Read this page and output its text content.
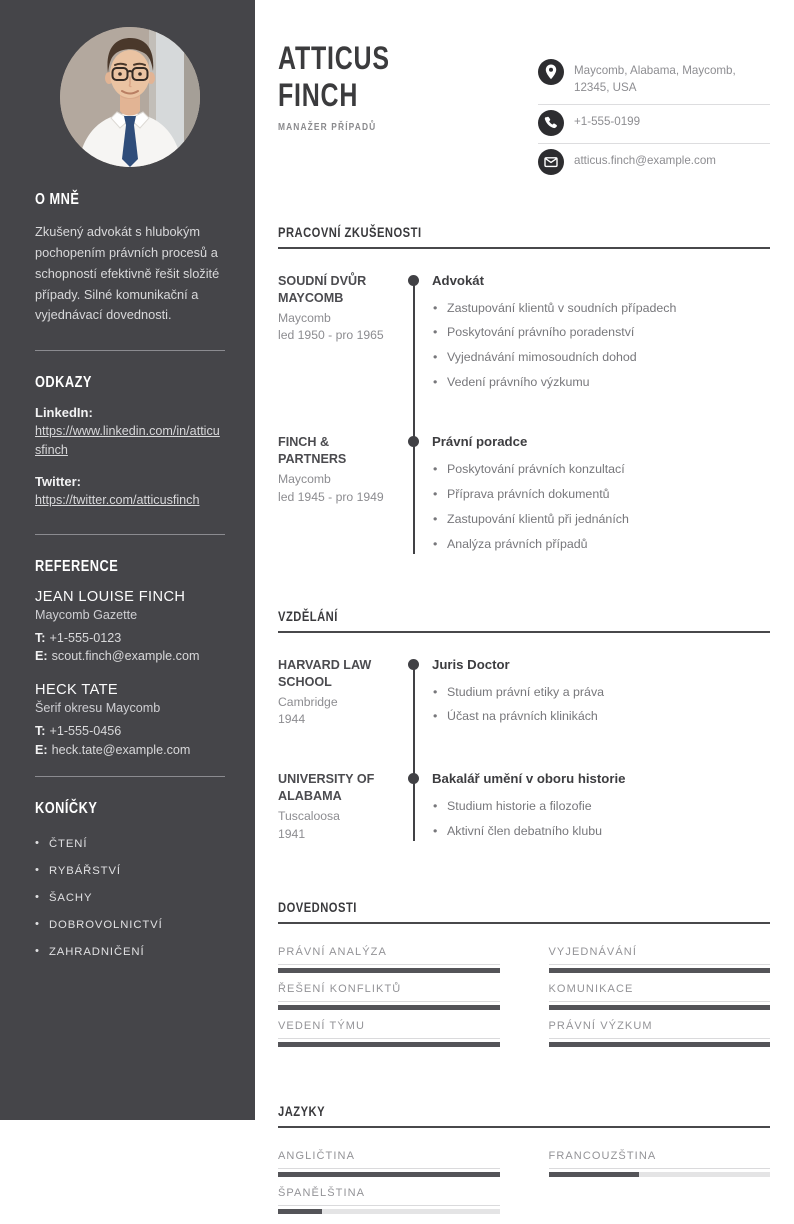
O MNĚ

Zkušený advokát s hlubokým pochopením právních procesů a schopností efektivně řešit složité případy. Silné komunikační a vyjednávací dovednosti.

ODKAZY
LinkedIn:
https://www.linkedin.com/in/atticusfinch
Twitter:
https://twitter.com/atticusfinch
REFERENCE
JEAN LOUISE FINCH
Maycomb Gazette
T: +1-555-0123
E: scout.finch@example.com
HECK TATE
Šerif okresu Maycomb
T: +1-555-0456
E: heck.tate@example.com
KONÍČKY
• ČTENÍ
• RYBÁŘSTVÍ
• ŠACHY
• DOBROVOLNICTVÍ
• ZAHRADNIČENÍ
ATTICUS
FINCH
MANAŽER PŘÍPADŮ
Maycomb, Alabama, Maycomb, 12345, USA
+1-555-0199
atticus.finch@example.com
PRACOVNÍ ZKUŠENOSTI
SOUDNÍ DVŮR MAYCOMB
Maycomb
led 1950 - pro 1965
Advokát
• Zastupování klientů v soudních případech
• Poskytování právního poradenství
• Vyjednávání mimosoudních dohod
• Vedení právního výzkumu
FINCH & PARTNERS
Maycomb
led 1945 - pro 1949
Právní poradce
• Poskytování právních konzultací
• Příprava právních dokumentů
• Zastupování klientů při jednáních
• Analýza právních případů
VZDĚLÁNÍ
HARVARD LAW SCHOOL
Cambridge
1944
Juris Doctor
• Studium právní etiky a práva
• Účast na právních klinikách
UNIVERSITY OF ALABAMA
Tuscaloosa
1941
Bakalář umění v oboru historie
• Studium historie a filozofie
• Aktivní člen debatního klubu
DOVEDNOSTI
PRÁVNÍ ANALÝZA
ŘEŠENÍ KONFLIKTŮ
VEDENÍ TÝMU
VYJEDNÁVÁNÍ
KOMUNIKACE
PRÁVNÍ VÝZKUM
JAZYKY
ANGLIČTINA
ŠPANĚLŠTINA
FRANCOUZŠTINA
